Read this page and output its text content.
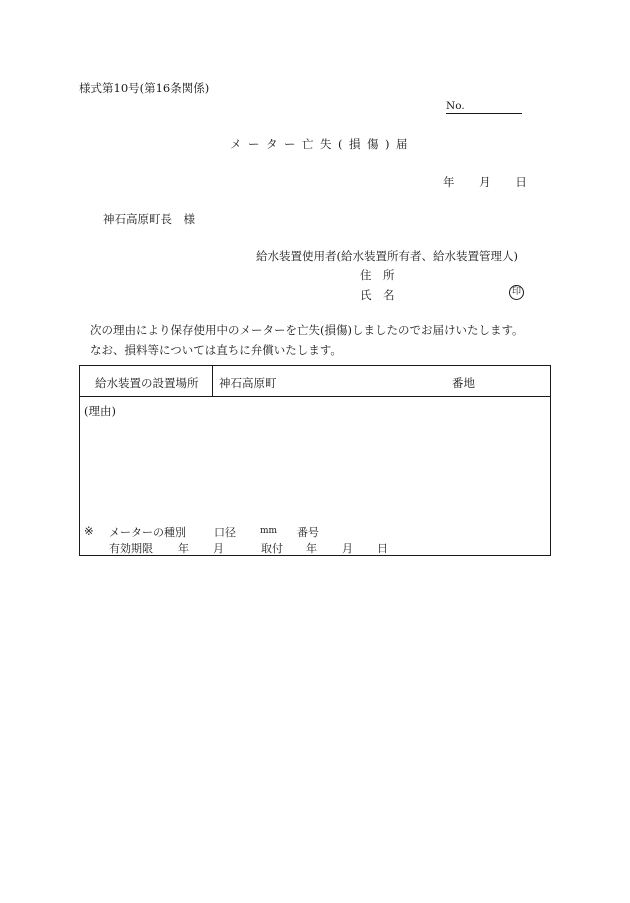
様式第10号(第16条関係)
No.
メーター亡失(損傷)届
年 月 日
神石高原町長　様
給水装置使用者(給水装置所有者、給水装置管理人)
住　所
氏　名	印
次の理由により保存使用中のメーターを亡失(損傷)しましたのでお届けいたします。
なお、損料等については直ちに弁償いたします。
給水装置の設置場所 神石高原町	番地
(理由)
※ メーターの種別	口径	mm 番号
有効期限 年 月	取付 年 月 日
